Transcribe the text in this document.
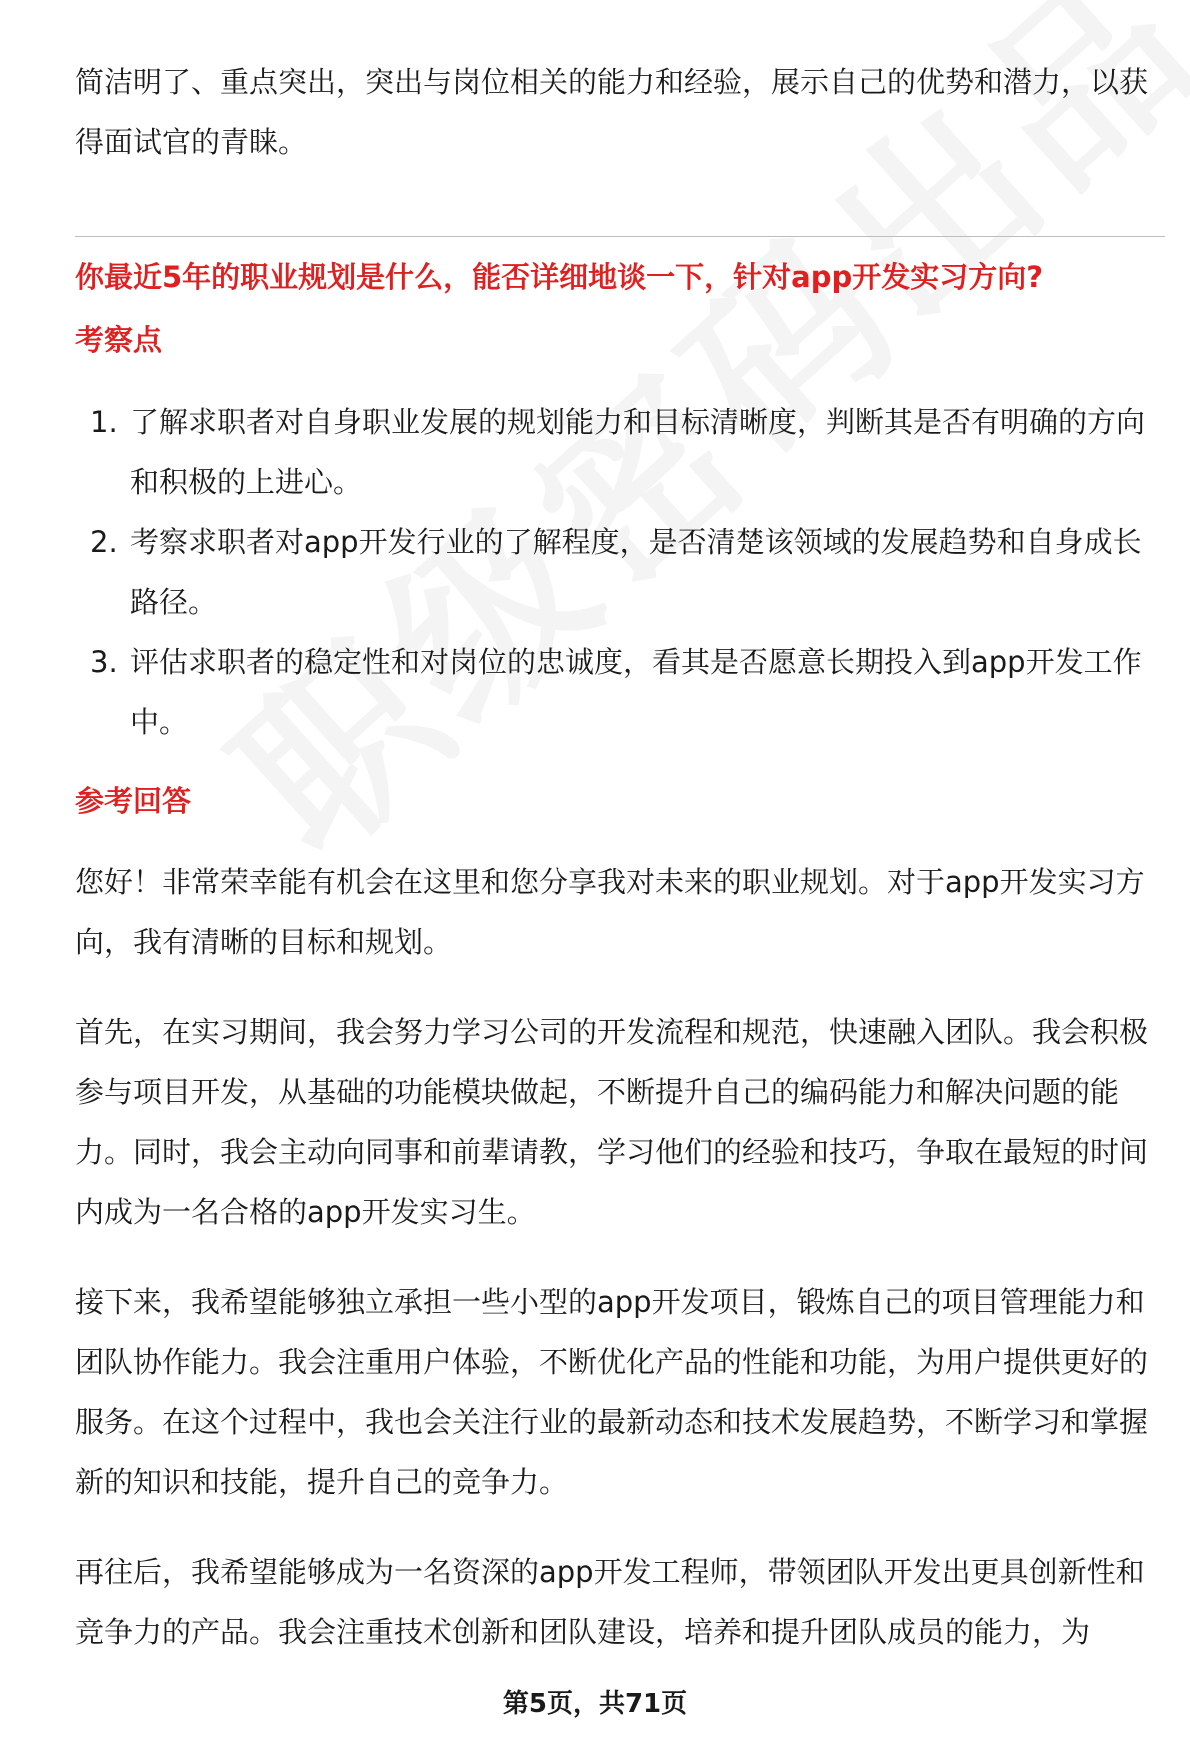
简洁明了、重点突出，突出与岗位相关的能力和经验，展示自己的优势和潜力，以获得面试官的青睐。
你最近5年的职业规划是什么，能否详细地谈一下，针对app开发实习方向?
考察点
1. 了解求职者对自身职业发展的规划能力和目标清晰度，判断其是否有明确的方向和积极的上进心。
2. 考察求职者对app开发行业的了解程度，是否清楚该领域的发展趋势和自身成长路径。
3. 评估求职者的稳定性和对岗位的忠诚度，看其是否愿意长期投入到app开发工作中。
参考回答
您好！非常荣幸能有机会在这里和您分享我对未来的职业规划。对于app开发实习方向，我有清晰的目标和规划。
首先，在实习期间，我会努力学习公司的开发流程和规范，快速融入团队。我会积极参与项目开发，从基础的功能模块做起，不断提升自己的编码能力和解决问题的能力。同时，我会主动向同事和前辈请教，学习他们的经验和技巧，争取在最短的时间内成为一名合格的app开发实习生。
接下来，我希望能够独立承担一些小型的app开发项目，锻炼自己的项目管理能力和团队协作能力。我会注重用户体验，不断优化产品的性能和功能，为用户提供更好的服务。在这个过程中，我也会关注行业的最新动态和技术发展趋势，不断学习和掌握新的知识和技能，提升自己的竞争力。
再往后，我希望能够成为一名资深的app开发工程师，带领团队开发出更具创新性和竞争力的产品。我会注重技术创新和团队建设，培养和提升团队成员的能力，为
第5页，共71页
